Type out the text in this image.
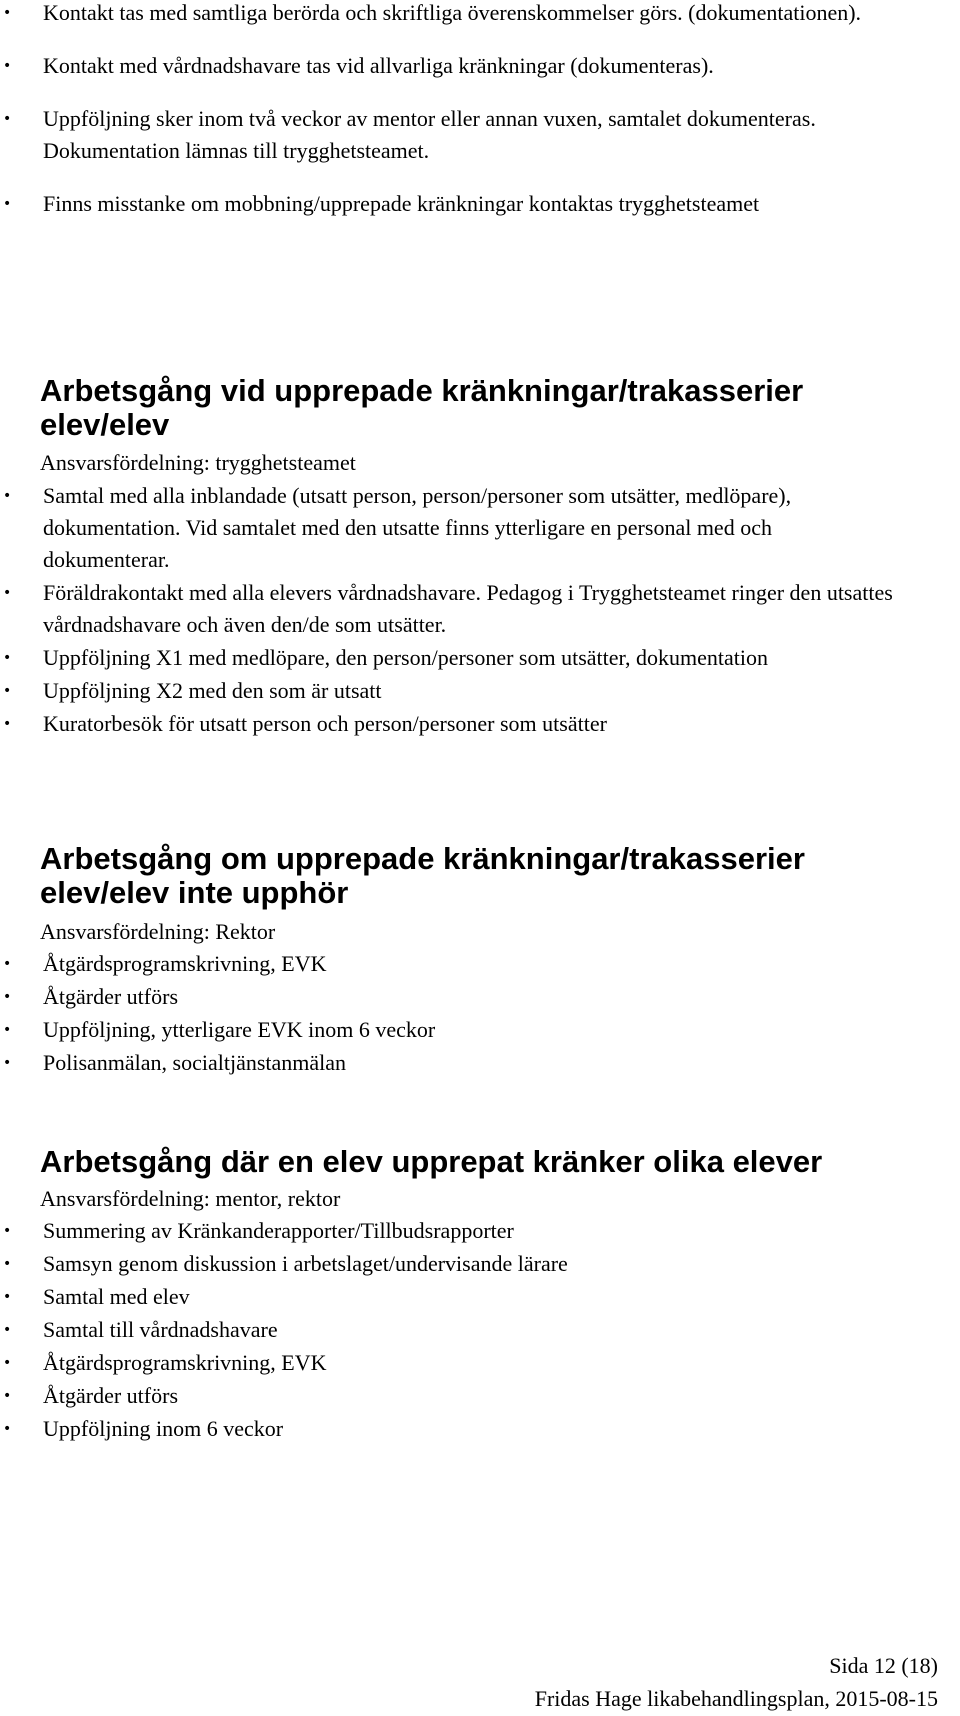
• Kontakt tas med samtliga berörda och skriftliga överenskommelser görs. (dokumentationen).
• Kontakt med vårdnadshavare tas vid allvarliga kränkningar (dokumenteras).
• Uppföljning sker inom två veckor av mentor eller annan vuxen, samtalet dokumenteras. Dokumentation lämnas till trygghetsteamet.
• Finns misstanke om mobbning/upprepade kränkningar kontaktas trygghetsteamet
Arbetsgång vid upprepade kränkningar/trakasserier
elev/elev

Ansvarsfördelning: trygghetsteamet

• Samtal med alla inblandade (utsatt person, person/personer som utsätter, medlöpare), dokumentation. Vid samtalet med den utsatte finns ytterligare en personal med och dokumenterar.
• Föräldrakontakt med alla elevers vårdnadshavare. Pedagog i Trygghetsteamet ringer den utsattes vårdnadshavare och även den/de som utsätter.
• Uppföljning X1 med medlöpare, den person/personer som utsätter, dokumentation
• Uppföljning X2 med den som är utsatt
• Kuratorbesök för utsatt person och person/personer som utsätter
Arbetsgång om upprepade kränkningar/trakasserier
elev/elev inte upphör

Ansvarsfördelning: Rektor

• Åtgärdsprogramskrivning, EVK
• Åtgärder utförs
• Uppföljning, ytterligare EVK inom 6 veckor
• Polisanmälan, socialtjänstanmälan
Arbetsgång där en elev upprepat kränker olika elever

Ansvarsfördelning: mentor, rektor

• Summering av Kränkanderapporter/Tillbudsrapporter
• Samsyn genom diskussion i arbetslaget/undervisande lärare
• Samtal med elev
• Samtal till vårdnadshavare
• Åtgärdsprogramskrivning, EVK
• Åtgärder utförs
• Uppföljning inom 6 veckor
Sida 12 (18)
Fridas Hage likabehandlingsplan, 2015-08-15
